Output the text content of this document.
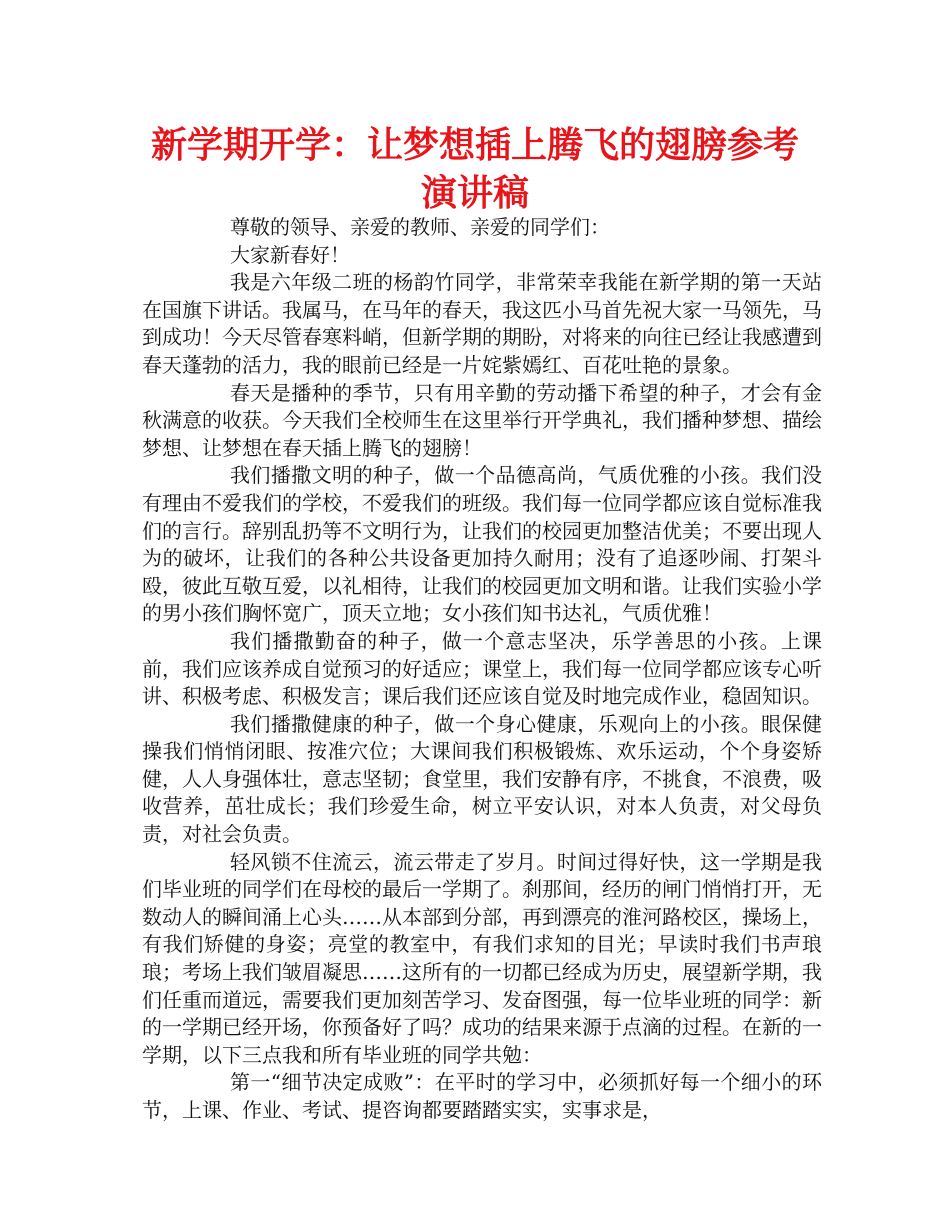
新学期开学：让梦想插上腾飞的翅膀参考
演讲稿

尊敬的领导、亲爱的教师、亲爱的同学们：

大家新春好！

我是六年级二班的杨韵竹同学，非常荣幸我能在新学期的第一天站在国旗下讲话。我属马，在马年的春天，我这匹小马首先祝大家一马领先，马到成功！今天尽管春寒料峭，但新学期的期盼，对将来的向往已经让我感遭到春天蓬勃的活力，我的眼前已经是一片姹紫嫣红、百花吐艳的景象。

春天是播种的季节，只有用辛勤的劳动播下希望的种子，才会有金秋满意的收获。今天我们全校师生在这里举行开学典礼，我们播种梦想、描绘梦想、让梦想在春天插上腾飞的翅膀！

我们播撒文明的种子，做一个品德高尚，气质优雅的小孩。我们没有理由不爱我们的学校，不爱我们的班级。我们每一位同学都应该自觉标准我们的言行。辞别乱扔等不文明行为，让我们的校园更加整洁优美；不要出现人为的破坏，让我们的各种公共设备更加持久耐用；没有了追逐吵闹、打架斗殴，彼此互敬互爱，以礼相待，让我们的校园更加文明和谐。让我们实验小学的男小孩们胸怀宽广，顶天立地；女小孩们知书达礼，气质优雅！

我们播撒勤奋的种子，做一个意志坚决，乐学善思的小孩。上课前，我们应该养成自觉预习的好适应；课堂上，我们每一位同学都应该专心听讲、积极考虑、积极发言；课后我们还应该自觉及时地完成作业，稳固知识。

我们播撒健康的种子，做一个身心健康，乐观向上的小孩。眼保健操我们悄悄闭眼、按准穴位；大课间我们积极锻炼、欢乐运动，个个身姿矫健，人人身强体壮，意志坚韧；食堂里，我们安静有序，不挑食，不浪费，吸收营养，茁壮成长；我们珍爱生命，树立平安认识，对本人负责，对父母负责，对社会负责。

轻风锁不住流云，流云带走了岁月。时间过得好快，这一学期是我们毕业班的同学们在母校的最后一学期了。刹那间，经历的闸门悄悄打开，无数动人的瞬间涌上心头……从本部到分部，再到漂亮的淮河路校区，操场上，有我们矫健的身姿；亮堂的教室中，有我们求知的目光；早读时我们书声琅琅；考场上我们皱眉凝思……这所有的一切都已经成为历史，展望新学期，我们任重而道远，需要我们更加刻苦学习、发奋图强，每一位毕业班的同学：新的一学期已经开场，你预备好了吗？成功的结果来源于点滴的过程。在新的一学期，以下三点我和所有毕业班的同学共勉：

第一“细节决定成败”：在平时的学习中，必须抓好每一个细小的环节，上课、作业、考试、提咨询都要踏踏实实，实事求是，
